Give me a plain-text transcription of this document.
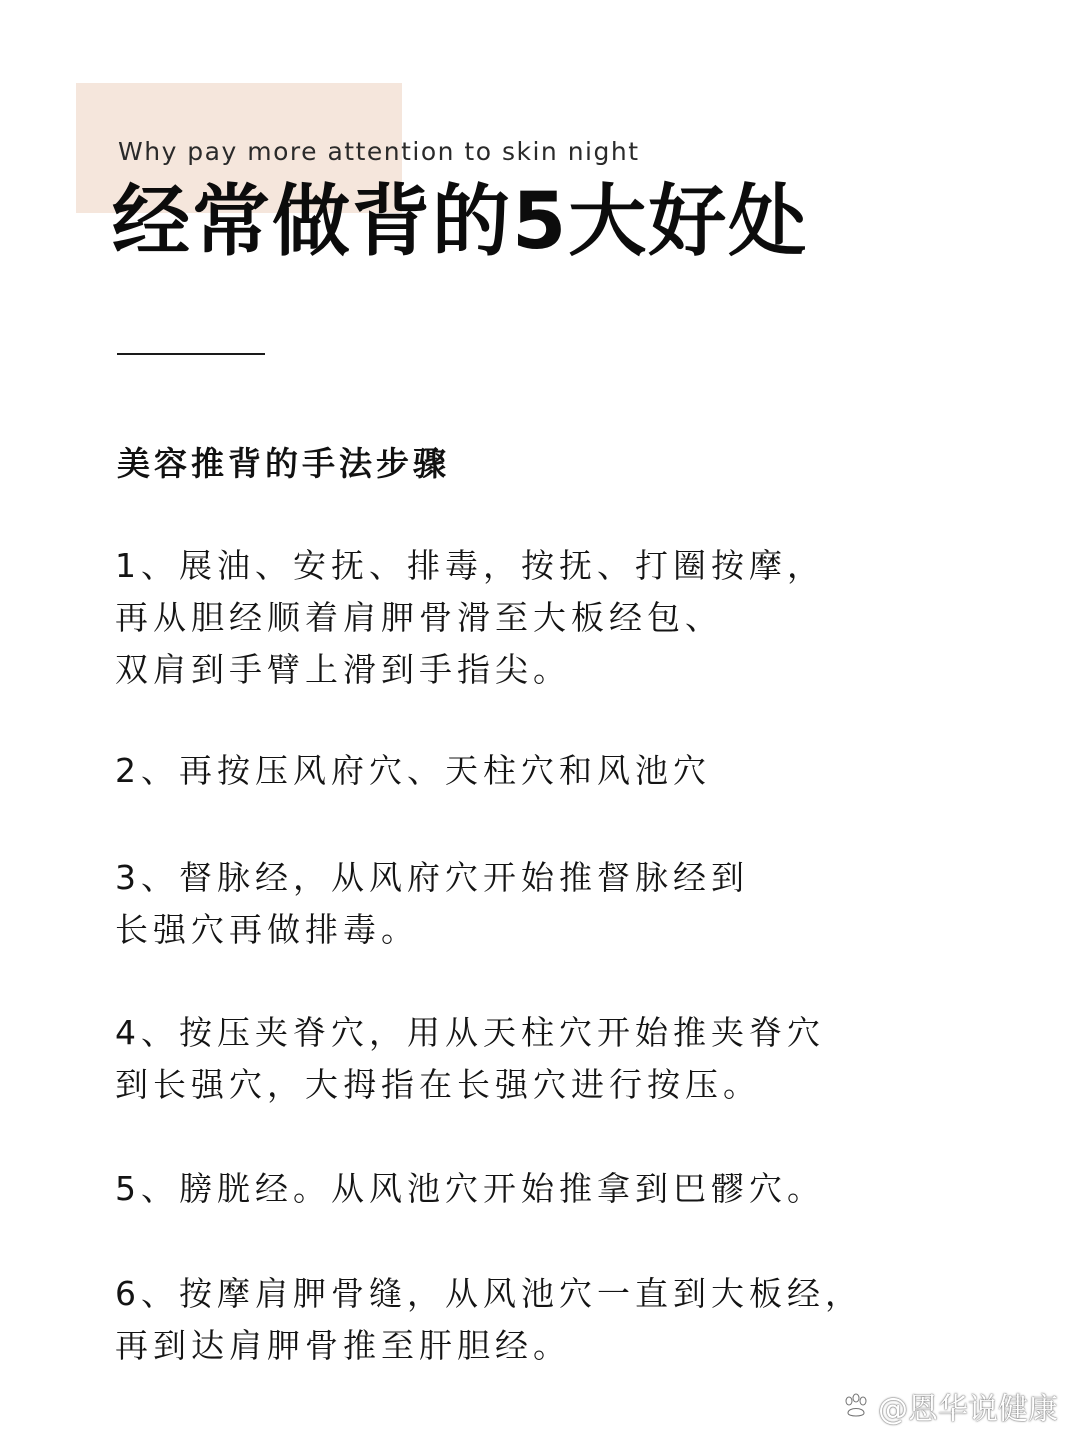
Why pay more attention to skin night
经常做背的5大好处
美容推背的手法步骤
1、展油、安抚、排毒，按抚、打圈按摩，
再从胆经顺着肩胛骨滑至大板经包、
双肩到手臂上滑到手指尖。
2、再按压风府穴、天柱穴和风池穴
3、督脉经，从风府穴开始推督脉经到
长强穴再做排毒。
4、按压夹脊穴，用从天柱穴开始推夹脊穴
到长强穴，大拇指在长强穴进行按压。
5、膀胱经。从风池穴开始推拿到巴髎穴。
6、按摩肩胛骨缝，从风池穴一直到大板经，
再到达肩胛骨推至肝胆经。
@恩华说健康
